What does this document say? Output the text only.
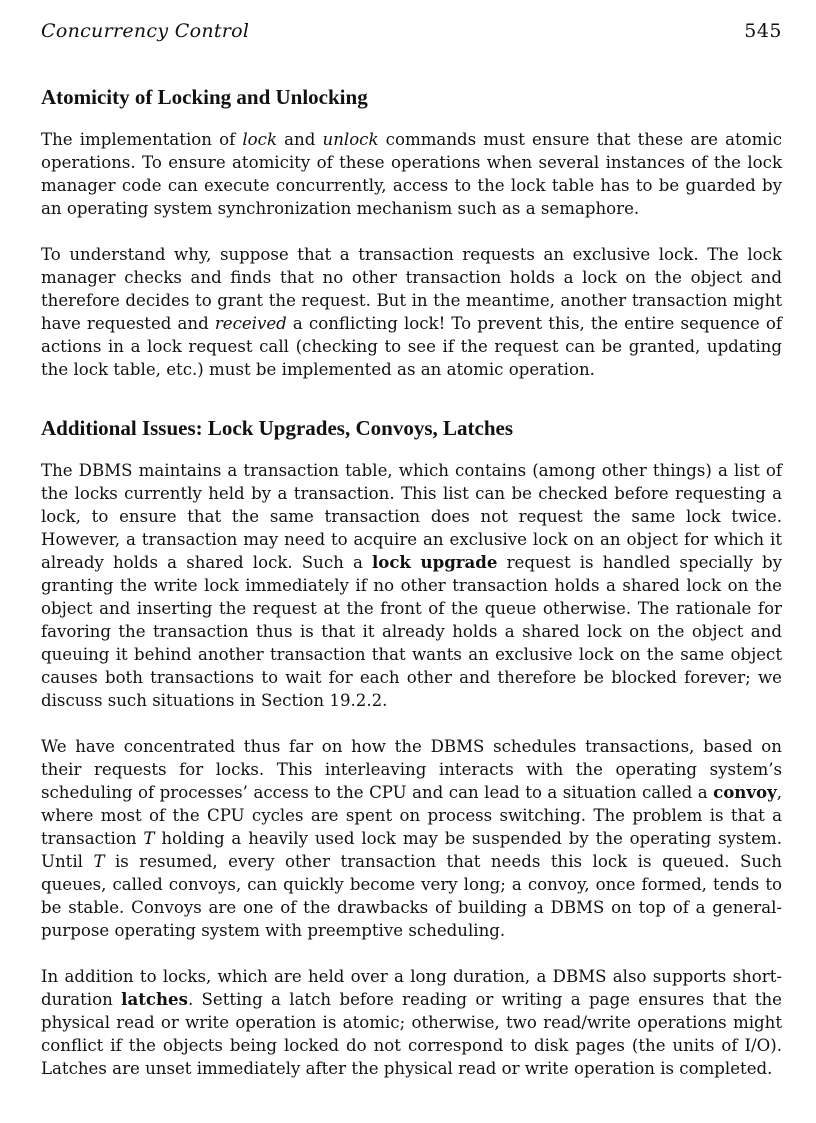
Concurrency Control	545
Atomicity of Locking and Unlocking

The implementation of lock and unlock commands must ensure that these are atomic operations. To ensure atomicity of these operations when several instances of the lock manager code can execute concurrently, access to the lock table has to be guarded by an operating system synchronization mechanism such as a semaphore.

To understand why, suppose that a transaction requests an exclusive lock. The lock manager checks and finds that no other transaction holds a lock on the object and therefore decides to grant the request. But in the meantime, another transaction might have requested and received a conflicting lock! To prevent this, the entire sequence of actions in a lock request call (checking to see if the request can be granted, updating the lock table, etc.) must be implemented as an atomic operation.

Additional Issues: Lock Upgrades, Convoys, Latches

The DBMS maintains a transaction table, which contains (among other things) a list of the locks currently held by a transaction. This list can be checked before requesting a lock, to ensure that the same transaction does not request the same lock twice. However, a transaction may need to acquire an exclusive lock on an object for which it already holds a shared lock. Such a lock upgrade request is handled specially by granting the write lock immediately if no other transaction holds a shared lock on the object and inserting the request at the front of the queue otherwise. The rationale for favoring the transaction thus is that it already holds a shared lock on the object and queuing it behind another transaction that wants an exclusive lock on the same object causes both transactions to wait for each other and therefore be blocked forever; we discuss such situations in Section 19.2.2.

We have concentrated thus far on how the DBMS schedules transactions, based on their requests for locks. This interleaving interacts with the operating system’s scheduling of processes’ access to the CPU and can lead to a situation called a convoy, where most of the CPU cycles are spent on process switching. The problem is that a transaction T holding a heavily used lock may be suspended by the operating system. Until T is resumed, every other transaction that needs this lock is queued. Such queues, called convoys, can quickly become very long; a convoy, once formed, tends to be stable. Convoys are one of the drawbacks of building a DBMS on top of a general-purpose operating system with preemptive scheduling.

In addition to locks, which are held over a long duration, a DBMS also supports short-duration latches. Setting a latch before reading or writing a page ensures that the physical read or write operation is atomic; otherwise, two read/write operations might conflict if the objects being locked do not correspond to disk pages (the units of I/O). Latches are unset immediately after the physical read or write operation is completed.
